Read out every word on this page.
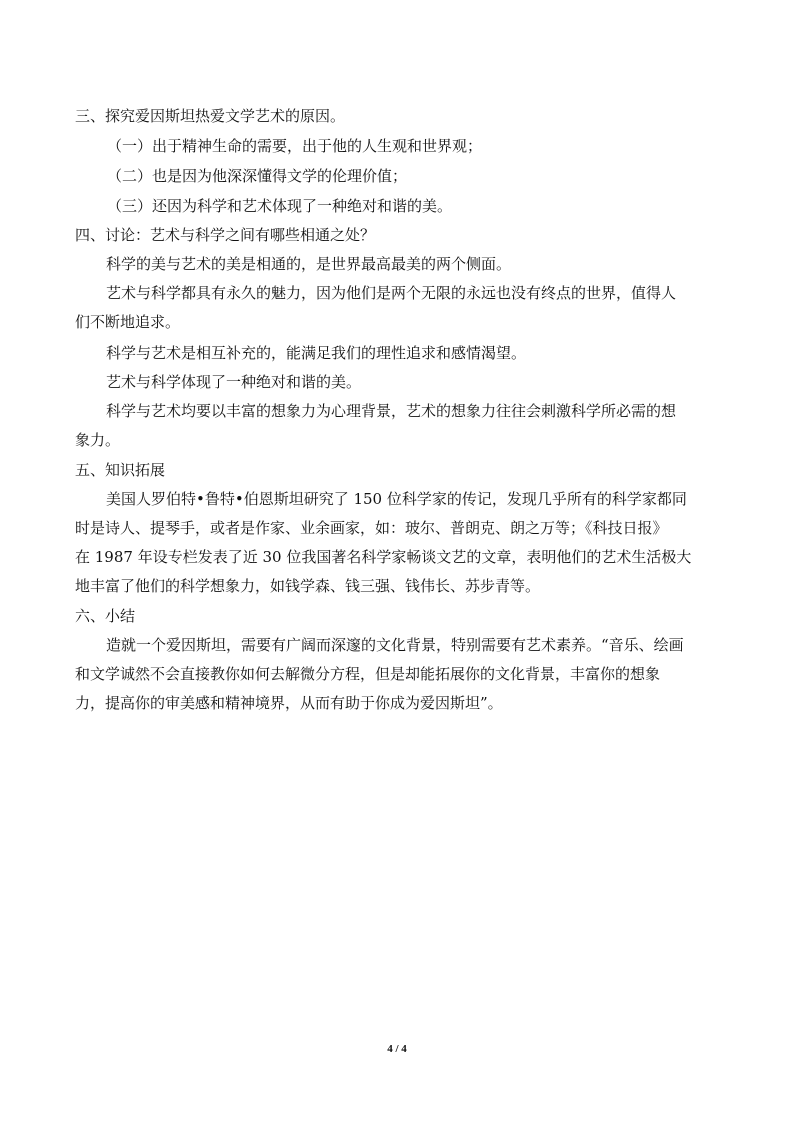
三、探究爱因斯坦热爱文学艺术的原因。
（一）出于精神生命的需要，出于他的人生观和世界观；
（二）也是因为他深深懂得文学的伦理价值；
（三）还因为科学和艺术体现了一种绝对和谐的美。
四、讨论：艺术与科学之间有哪些相通之处？
科学的美与艺术的美是相通的，是世界最高最美的两个侧面。
艺术与科学都具有永久的魅力，因为他们是两个无限的永远也没有终点的世界，值得人
们不断地追求。
科学与艺术是相互补充的，能满足我们的理性追求和感情渴望。
艺术与科学体现了一种绝对和谐的美。
科学与艺术均要以丰富的想象力为心理背景，艺术的想象力往往会刺激科学所必需的想
象力。
五、知识拓展
美国人罗伯特•鲁特•伯恩斯坦研究了 150 位科学家的传记，发现几乎所有的科学家都同
时是诗人、提琴手，或者是作家、业余画家，如：玻尔、普朗克、朗之万等；《科技日报》
在 1987 年设专栏发表了近 30 位我国著名科学家畅谈文艺的文章，表明他们的艺术生活极大
地丰富了他们的科学想象力，如钱学森、钱三强、钱伟长、苏步青等。
六、小结
造就一个爱因斯坦，需要有广阔而深邃的文化背景，特别需要有艺术素养。“音乐、绘画
和文学诚然不会直接教你如何去解微分方程，但是却能拓展你的文化背景，丰富你的想象
力，提高你的审美感和精神境界，从而有助于你成为爱因斯坦”。
4 / 4
